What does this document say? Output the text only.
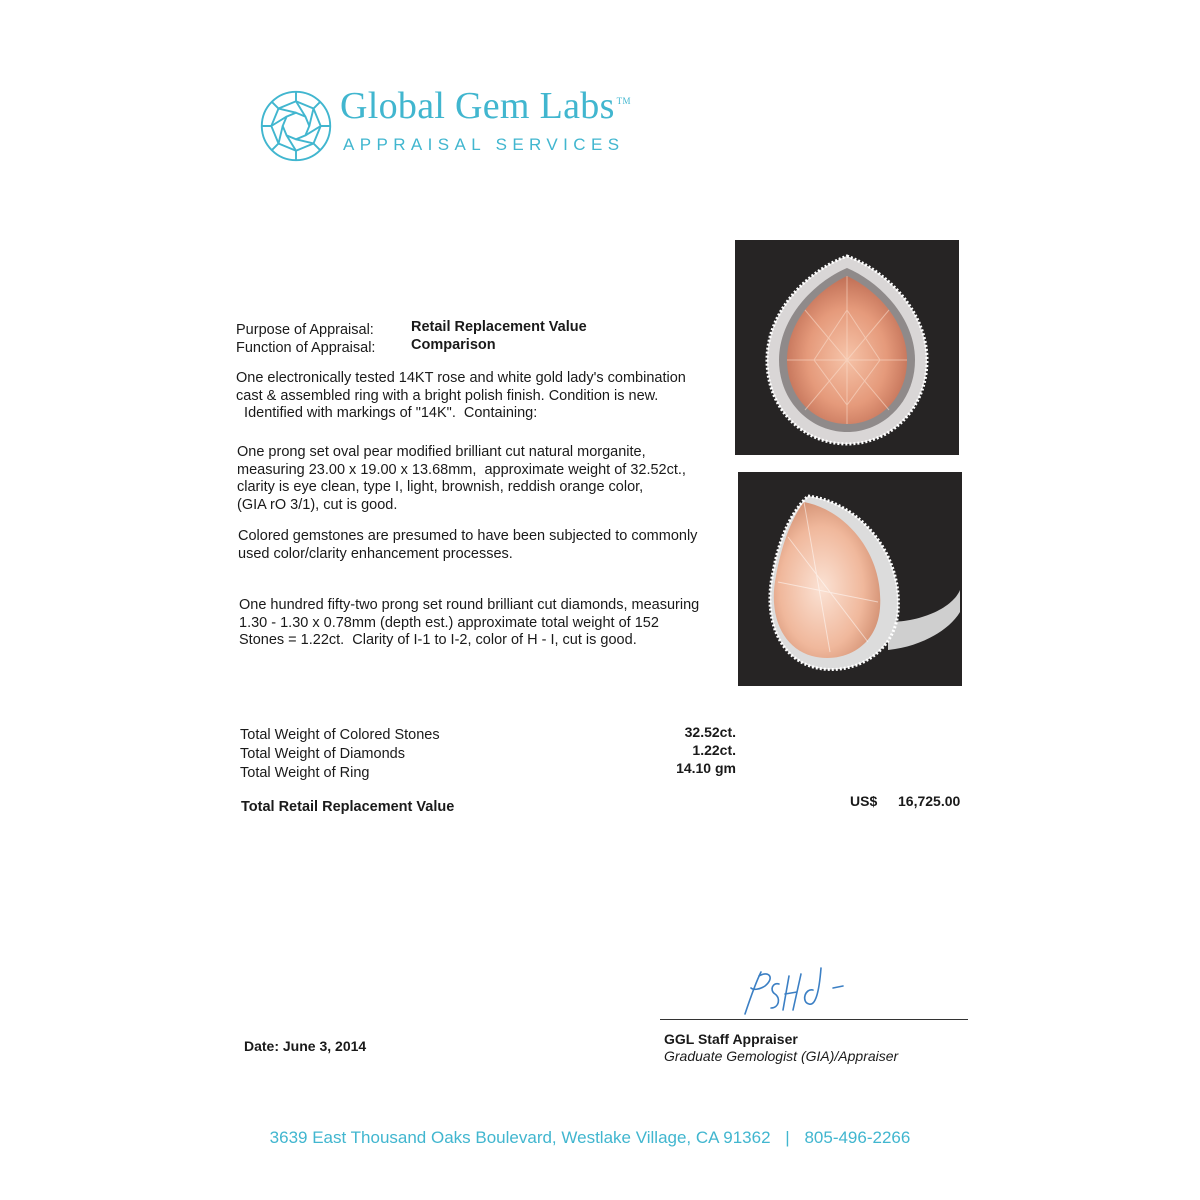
Global Gem Labs ™
APPRAISAL SERVICES
Purpose of Appraisal:	Retail Replacement Value
Function of Appraisal: Comparison
One electronically tested 14KT rose and white gold lady's combination
cast & assembled ring with a bright polish finish. Condition is new.
Identified with markings of "14K".  Containing:
One prong set oval pear modified brilliant cut natural morganite,
measuring 23.00 x 19.00 x 13.68mm,  approximate weight of 32.52ct.,
clarity is eye clean, type I, light, brownish, reddish orange color,
(GIA rO 3/1), cut is good.
Colored gemstones are presumed to have been subjected to commonly
used color/clarity enhancement processes.
One hundred fifty-two prong set round brilliant cut diamonds, measuring
1.30 - 1.30 x 0.78mm (depth est.) approximate total weight of 152
Stones = 1.22ct.  Clarity of I-1 to I-2, color of H - I, cut is good.
Total Weight of Colored Stones	32.52ct.
Total Weight of Diamonds	1.22ct.
Total Weight of Ring	14.10 gm
Total Retail Replacement Value	US$ 16,725.00
Date: June 3, 2014	GGL Staff Appraiser
Graduate Gemologist (GIA)/Appraiser
3639 East Thousand Oaks Boulevard, Westlake Village, CA 91362 | 805-496-2266
